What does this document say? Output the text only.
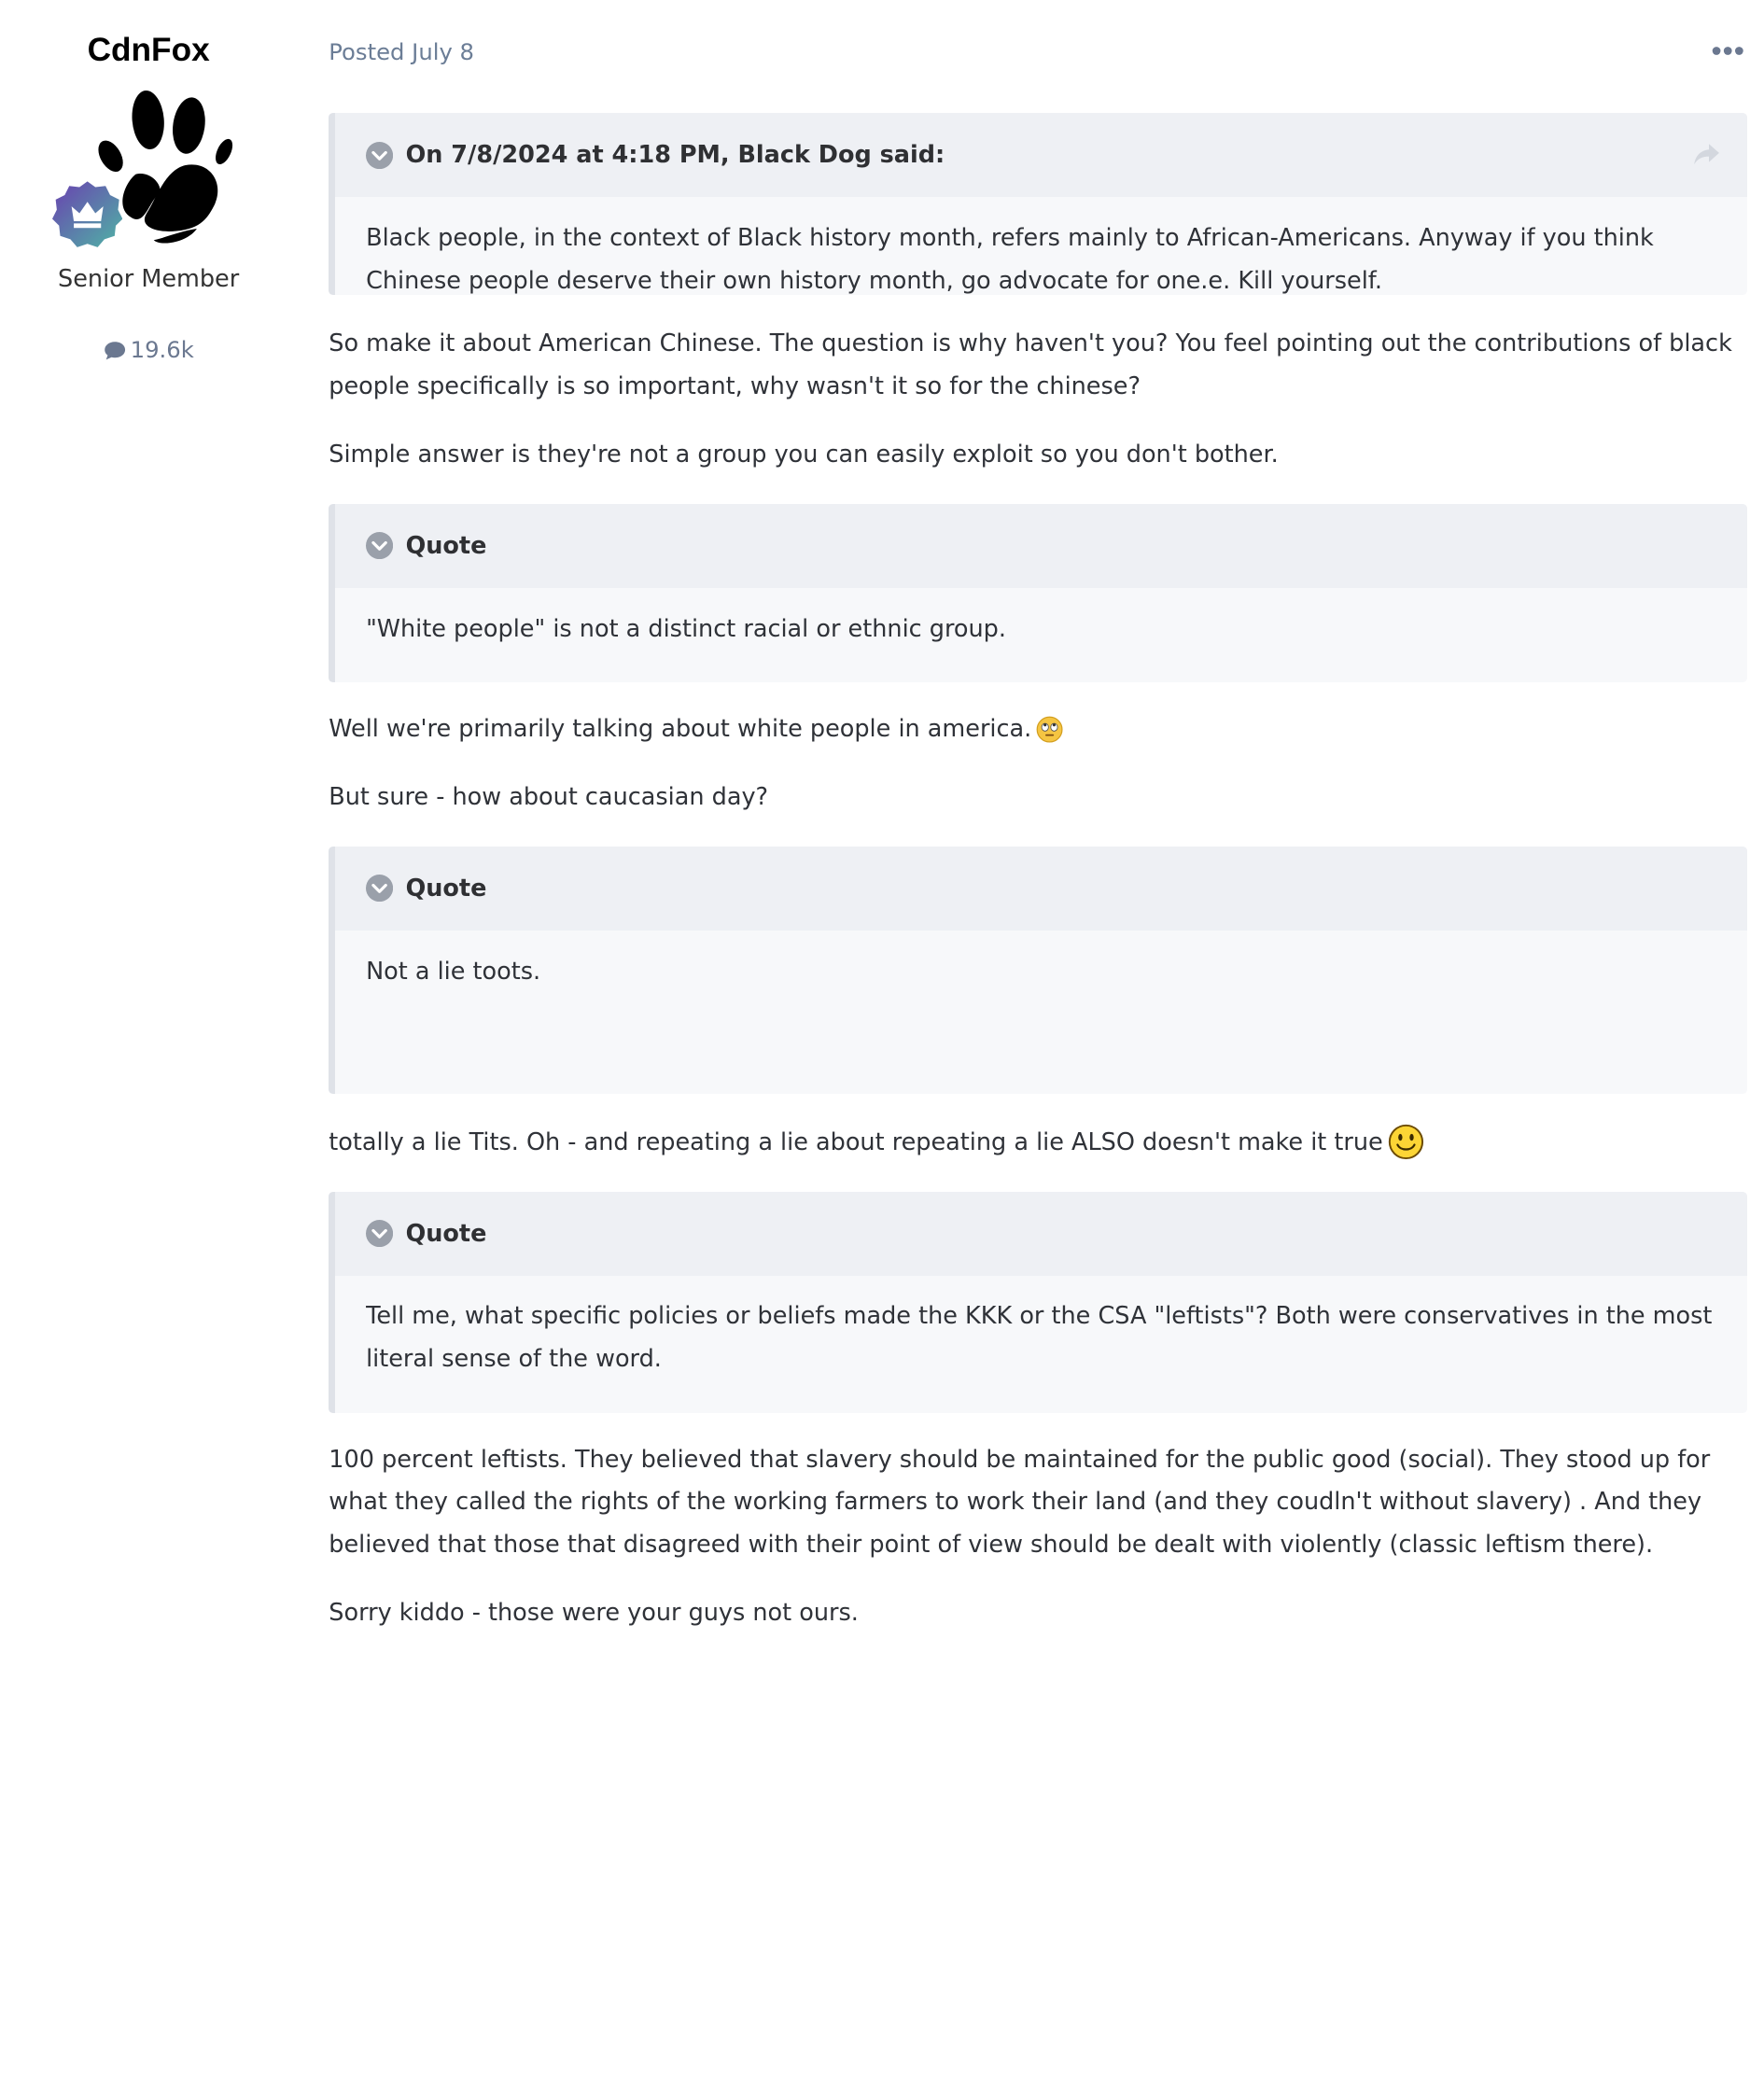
CdnFox
Senior Member
19.6k
Posted July 8
On 7/8/2024 at 4:18 PM, Black Dog said:
Black people, in the context of Black history month, refers mainly to African-Americans. Anyway if you think Chinese people deserve their own history month, go advocate for one.e. Kill yourself.

So make it about American Chinese. The question is why haven't you? You feel pointing out the contributions of black people specifically is so important, why wasn't it so for the chinese?

Simple answer is they're not a group you can easily exploit so you don't bother.

Quote
"White people" is not a distinct racial or ethnic group.

Well we're primarily talking about white people in america.

But sure - how about caucasian day?

Quote
Not a lie toots.

totally a lie Tits. Oh - and repeating a lie about repeating a lie ALSO doesn't make it true

Quote
Tell me, what specific policies or beliefs made the KKK or the CSA "leftists"? Both were conservatives in the most literal sense of the word.

100 percent leftists. They believed that slavery should be maintained for the public good (social). They stood up for what they called the rights of the working farmers to work their land (and they coudln't without slavery) . And they believed that those that disagreed with their point of view should be dealt with violently (classic leftism there).

Sorry kiddo - those were your guys not ours.
